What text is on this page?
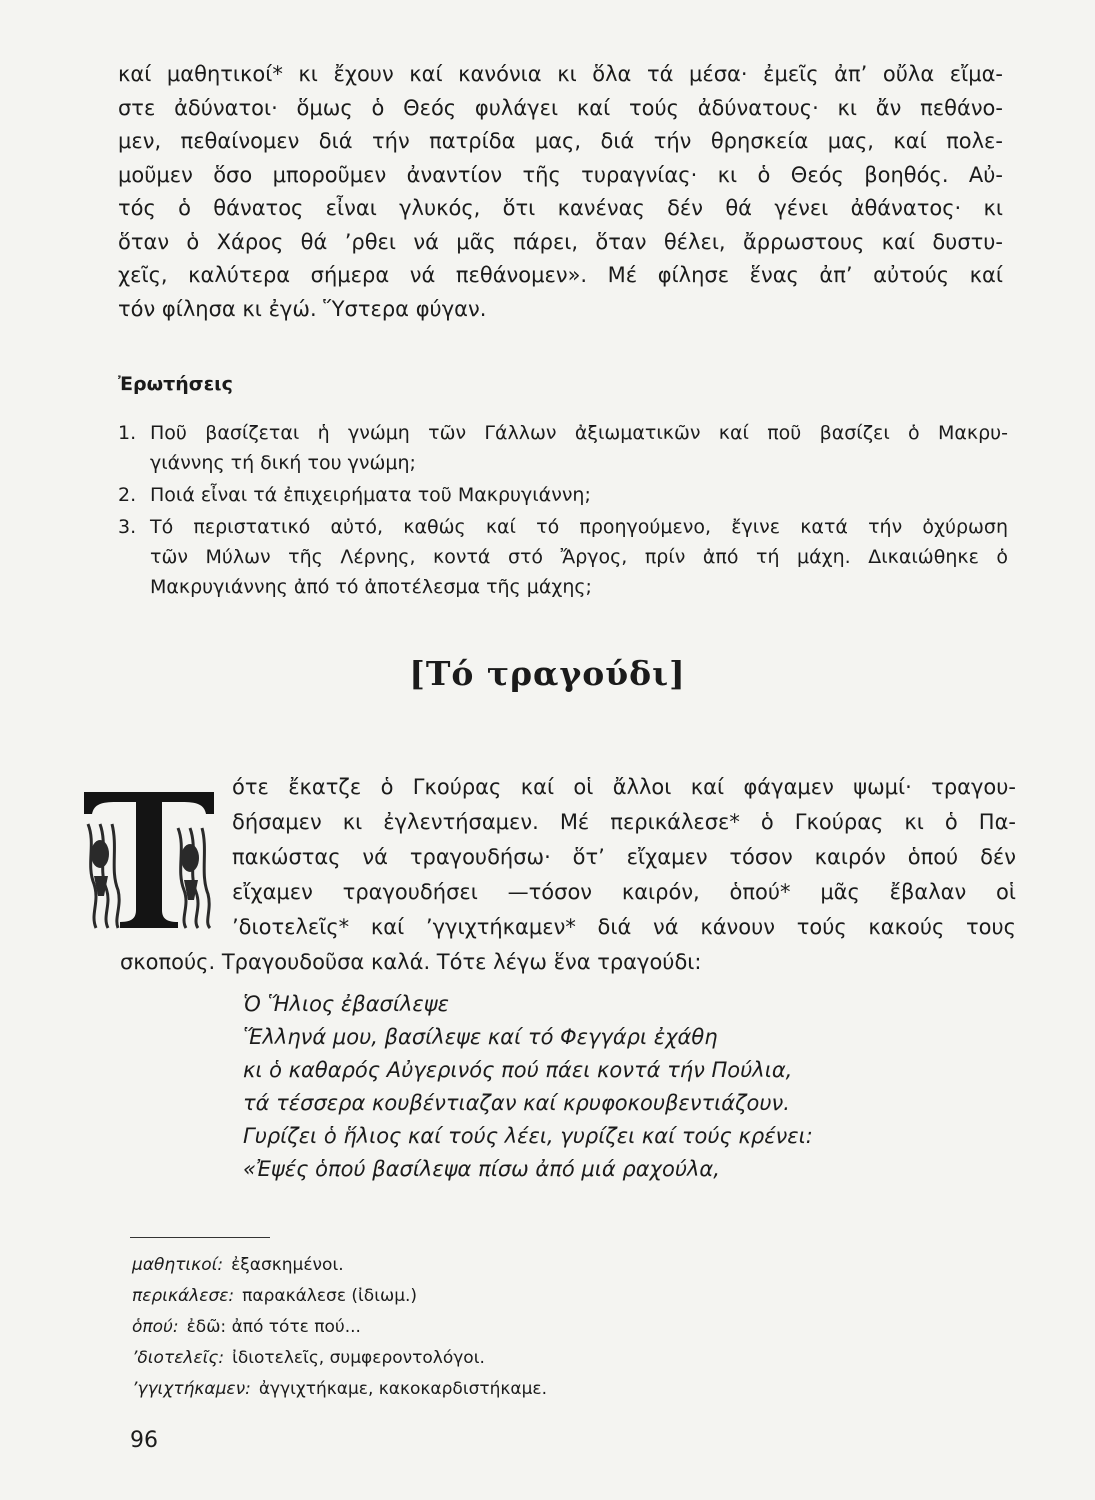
καί μαθητικοί* κι ἔχουν καί κανόνια κι ὅλα τά μέσα· ἐμεῖς ἀπ’ οὔλα εἴμα-
στε ἀδύνατοι· ὅμως ὁ Θεός φυλάγει καί τούς ἀδύνατους· κι ἄν πεθάνο-
μεν, πεθαίνομεν διά τήν πατρίδα μας, διά τήν θρησκεία μας, καί πολε-
μοῦμεν ὅσο μποροῦμεν ἀναντίον τῆς τυραγνίας· κι ὁ Θεός βοηθός. Αὐ-
τός ὁ θάνατος εἶναι γλυκός, ὅτι κανένας δέν θά γένει ἀθάνατος· κι
ὅταν ὁ Χάρος θά ’ρθει νά μᾶς πάρει, ὅταν θέλει, ἄρρωστους καί δυστυ-
χεῖς, καλύτερα σήμερα νά πεθάνομεν». Μέ φίλησε ἕνας ἀπ’ αὐτούς καί
τόν φίλησα κι ἐγώ. Ὕστερα φύγαν.
Ἐρωτήσεις
1. Ποῦ βασίζεται ἡ γνώμη τῶν Γάλλων ἀξιωματικῶν καί ποῦ βασίζει ὁ Μακρυ-
γιάννης τή δική του γνώμη;
2. Ποιά εἶναι τά ἐπιχειρήματα τοῦ Μακρυγιάννη;
3. Τό περιστατικό αὐτό, καθώς καί τό προηγούμενο, ἔγινε κατά τήν ὀχύρωση
τῶν Μύλων τῆς Λέρνης, κοντά στό Ἄργος, πρίν ἀπό τή μάχη. Δικαιώθηκε ὁ
Μακρυγιάννης ἀπό τό ἀποτέλεσμα τῆς μάχης;
[Τό τραγούδι]
Τ
ότε ἔκατζε ὁ Γκούρας καί οἱ ἄλλοι καί φάγαμεν ψωμί· τραγου-
δήσαμεν κι ἐγλεντήσαμεν. Μέ περικάλεσε* ὁ Γκούρας κι ὁ Πα-
πακώστας νά τραγουδήσω· ὅτ’ εἴχαμεν τόσον καιρόν ὁπού δέν
εἴχαμεν τραγουδήσει —τόσον καιρόν, ὁπού* μᾶς ἔβαλαν οἱ
’διοτελεῖς* καί ’γγιχτήκαμεν* διά νά κάνουν τούς κακούς τους

σκοπούς. Τραγουδοῦσα καλά. Τότε λέγω ἕνα τραγούδι:

Ὁ Ἥλιος ἐβασίλεψε
Ἕλληνά μου, βασίλεψε καί τό Φεγγάρι ἐχάθη
κι ὁ καθαρός Αὐγερινός πού πάει κοντά τήν Πούλια,
τά τέσσερα κουβέντιαζαν καί κρυφοκουβεντιάζουν.
Γυρίζει ὁ ἥλιος καί τούς λέει, γυρίζει καί τούς κρένει:
«Ἐψές ὁπού βασίλεψα πίσω ἀπό μιά ραχούλα,
μαθητικοί: ἐξασκημένοι.
περικάλεσε: παρακάλεσε (ἰδιωμ.)
ὁπού: ἐδῶ: ἀπό τότε πού...
’διοτελεῖς: ἰδιοτελεῖς, συμφεροντολόγοι.
’γγιχτήκαμεν: ἀγγιχτήκαμε, κακοκαρδιστήκαμε.

96
